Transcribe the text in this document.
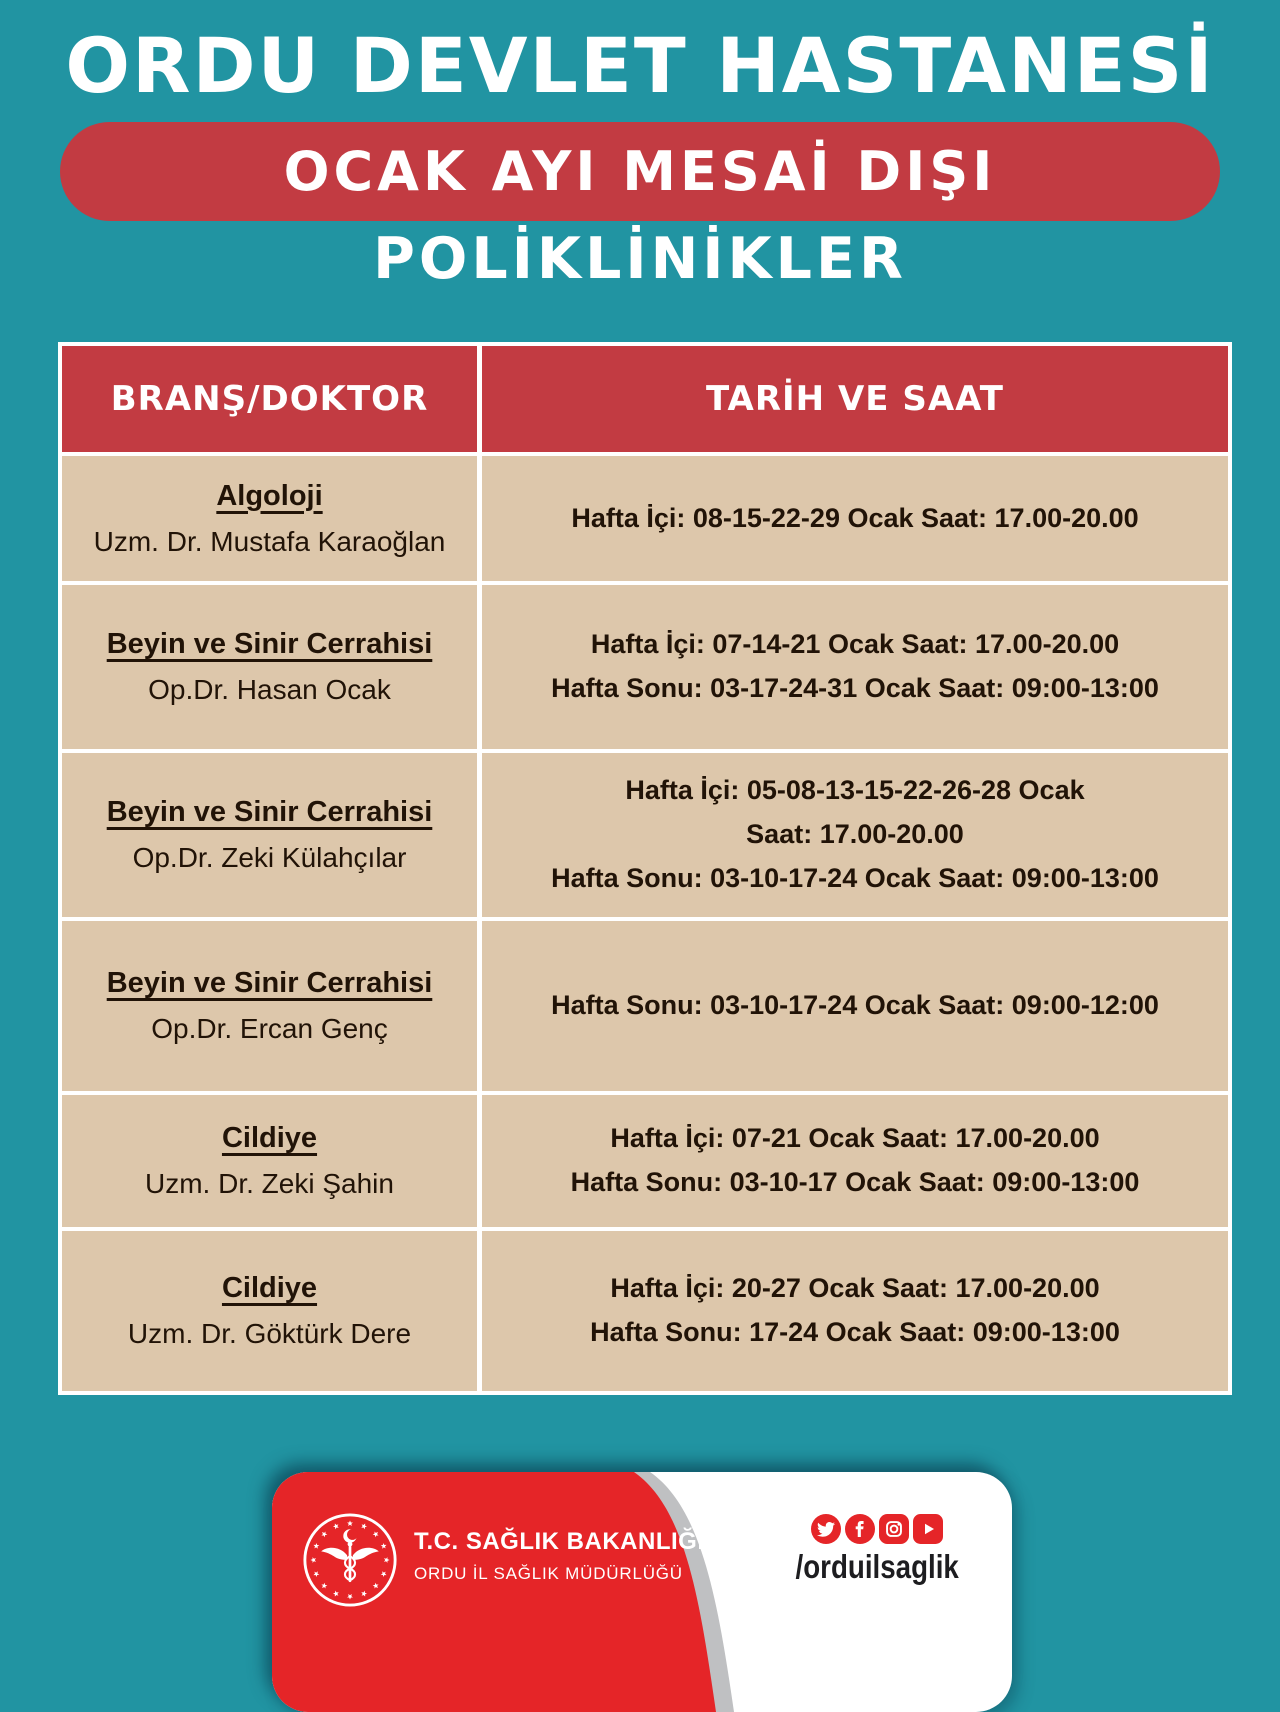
ORDU DEVLET HASTANESİ
OCAK AYI MESAİ DIŞI
POLİKLİNİKLER
BRANŞ/DOKTOR	TARİH VE SAAT
Algoloji
Uzm. Dr. Mustafa Karaoğlan
Hafta İçi: 08-15-22-29 Ocak Saat: 17.00-20.00
Beyin ve Sinir Cerrahisi
Op.Dr. Hasan Ocak
Hafta İçi: 07-14-21 Ocak Saat: 17.00-20.00
Hafta Sonu: 03-17-24-31 Ocak Saat: 09:00-13:00
Beyin ve Sinir Cerrahisi
Op.Dr. Zeki Külahçılar
Hafta İçi: 05-08-13-15-22-26-28 Ocak
Saat: 17.00-20.00
Hafta Sonu: 03-10-17-24 Ocak Saat: 09:00-13:00
Beyin ve Sinir Cerrahisi
Op.Dr. Ercan Genç
Hafta Sonu: 03-10-17-24 Ocak Saat: 09:00-12:00
Cildiye
Uzm. Dr. Zeki Şahin
Hafta İçi: 07-21 Ocak Saat: 17.00-20.00
Hafta Sonu: 03-10-17 Ocak Saat: 09:00-13:00
Cildiye
Uzm. Dr. Göktürk Dere
Hafta İçi: 20-27 Ocak Saat: 17.00-20.00
Hafta Sonu: 17-24 Ocak Saat: 09:00-13:00
T.C. SAĞLIK BAKANLIĞI
ORDU İL SAĞLIK MÜDÜRLÜĞÜ	/orduilsaglik
